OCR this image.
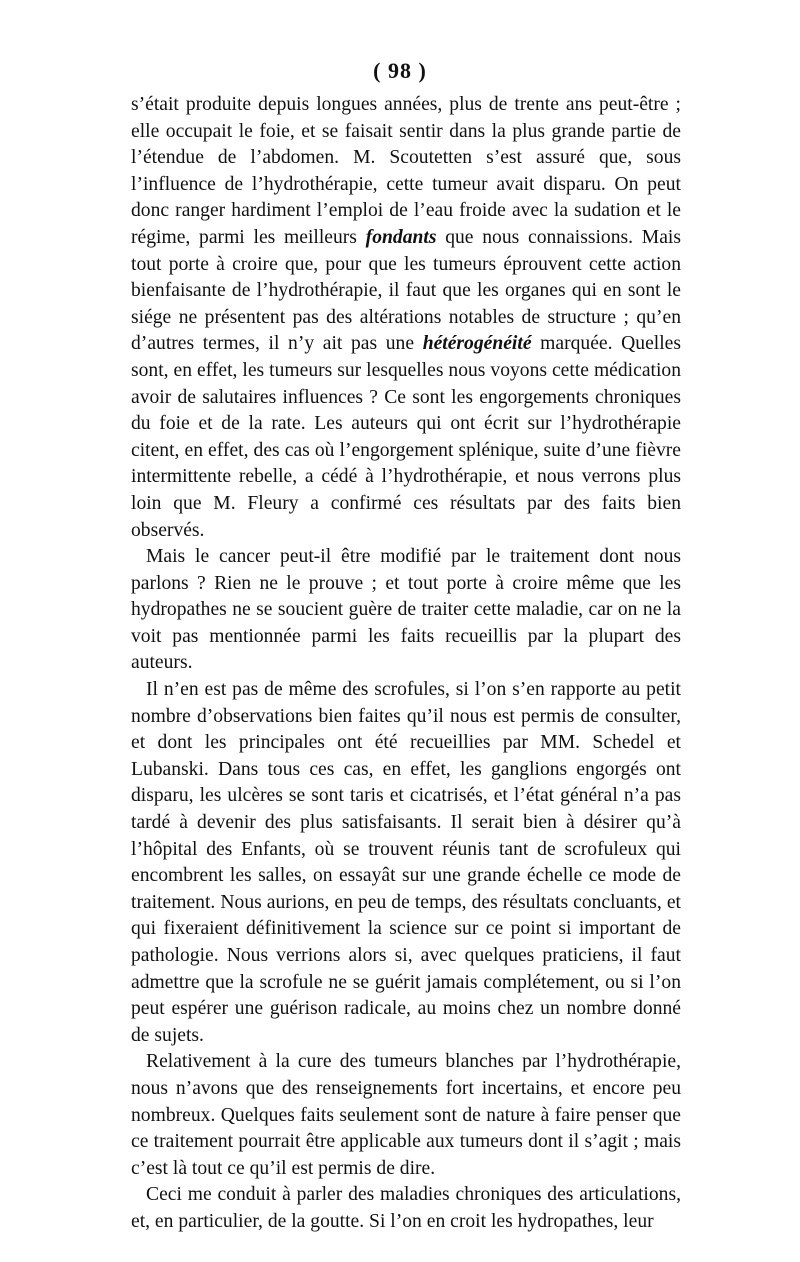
( 98 )

s’était produite depuis longues années, plus de trente ans peut-être ; elle occupait le foie, et se faisait sentir dans la plus grande partie de l’étendue de l’abdomen. M. Scoutetten s’est assuré que, sous l’influence de l’hydrothérapie, cette tumeur avait disparu. On peut donc ranger hardiment l’emploi de l’eau froide avec la sudation et le régime, parmi les meilleurs fondants que nous connaissions. Mais tout porte à croire que, pour que les tumeurs éprouvent cette action bienfaisante de l’hydrothérapie, il faut que les organes qui en sont le siége ne présentent pas des altérations notables de structure ; qu’en d’autres termes, il n’y ait pas une hétérogénéité marquée. Quelles sont, en effet, les tumeurs sur lesquelles nous voyons cette médication avoir de salutaires influences ? Ce sont les engorgements chroniques du foie et de la rate. Les auteurs qui ont écrit sur l’hydrothérapie citent, en effet, des cas où l’engorgement splénique, suite d’une fièvre intermittente rebelle, a cédé à l’hydrothérapie, et nous verrons plus loin que M. Fleury a confirmé ces résultats par des faits bien observés.

Mais le cancer peut-il être modifié par le traitement dont nous parlons ? Rien ne le prouve ; et tout porte à croire même que les hydropathes ne se soucient guère de traiter cette maladie, car on ne la voit pas mentionnée parmi les faits recueillis par la plupart des auteurs.

Il n’en est pas de même des scrofules, si l’on s’en rapporte au petit nombre d’observations bien faites qu’il nous est permis de consulter, et dont les principales ont été recueillies par MM. Schedel et Lubanski. Dans tous ces cas, en effet, les ganglions engorgés ont disparu, les ulcères se sont taris et cicatrisés, et l’état général n’a pas tardé à devenir des plus satisfaisants. Il serait bien à désirer qu’à l’hôpital des Enfants, où se trouvent réunis tant de scrofuleux qui encombrent les salles, on essayât sur une grande échelle ce mode de traitement. Nous aurions, en peu de temps, des résultats concluants, et qui fixeraient définitivement la science sur ce point si important de pathologie. Nous verrions alors si, avec quelques praticiens, il faut admettre que la scrofule ne se guérit jamais complétement, ou si l’on peut espérer une guérison radicale, au moins chez un nombre donné de sujets.

Relativement à la cure des tumeurs blanches par l’hydrothérapie, nous n’avons que des renseignements fort incertains, et encore peu nombreux. Quelques faits seulement sont de nature à faire penser que ce traitement pourrait être applicable aux tumeurs dont il s’agit ; mais c’est là tout ce qu’il est permis de dire.

Ceci me conduit à parler des maladies chroniques des articulations, et, en particulier, de la goutte. Si l’on en croit les hydropathes, leur
